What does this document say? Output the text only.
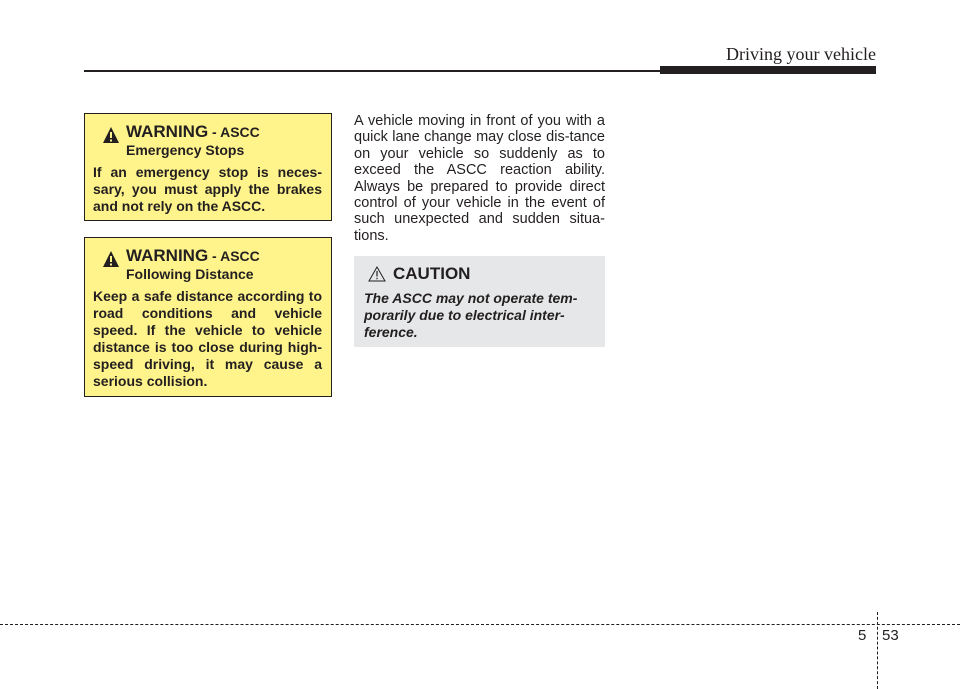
Driving your vehicle
WARNING - ASCC
Emergency Stops
If an emergency stop is neces-sary, you must apply the brakes and not rely on the ASCC.
WARNING - ASCC
Following Distance
Keep a safe distance according to road conditions and vehicle speed. If the vehicle to vehicle distance is too close during high-speed driving, it may cause a serious collision.

A vehicle moving in front of you with a quick lane change may close dis-tance on your vehicle so suddenly as to exceed the ASCC reaction ability. Always be prepared to provide direct control of your vehicle in the event of such unexpected and sudden situa-tions.

CAUTION
The ASCC may not operate tem-porarily due to electrical inter-ference.
5 53
